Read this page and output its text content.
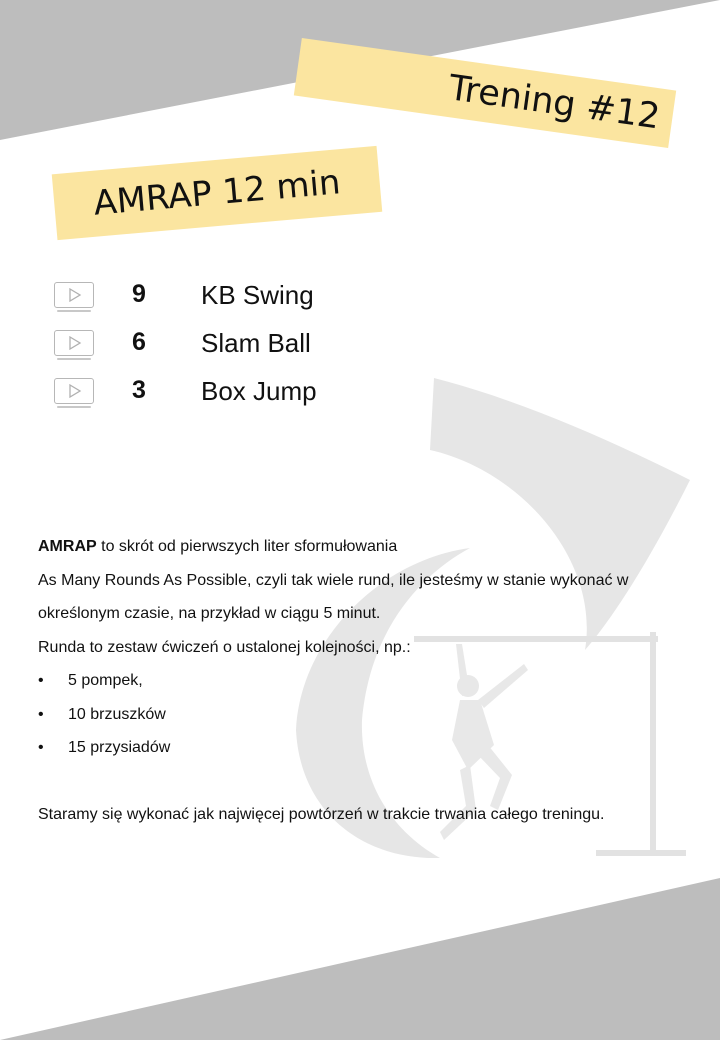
Trening #12
AMRAP 12 min
9 KB Swing
6 Slam Ball
3 Box Jump

AMRAP to skrót od pierwszych liter sformułowania

As Many Rounds As Possible, czyli tak wiele rund, ile jesteśmy w stanie wykonać w

określonym czasie, na przykład w ciągu 5 minut.

Runda to zestaw ćwiczeń o ustalonej kolejności, np.:

• 5 pompek,
• 10 brzuszków
• 15 przysiadów

Staramy się wykonać jak najwięcej powtórzeń w trakcie trwania całego treningu.
